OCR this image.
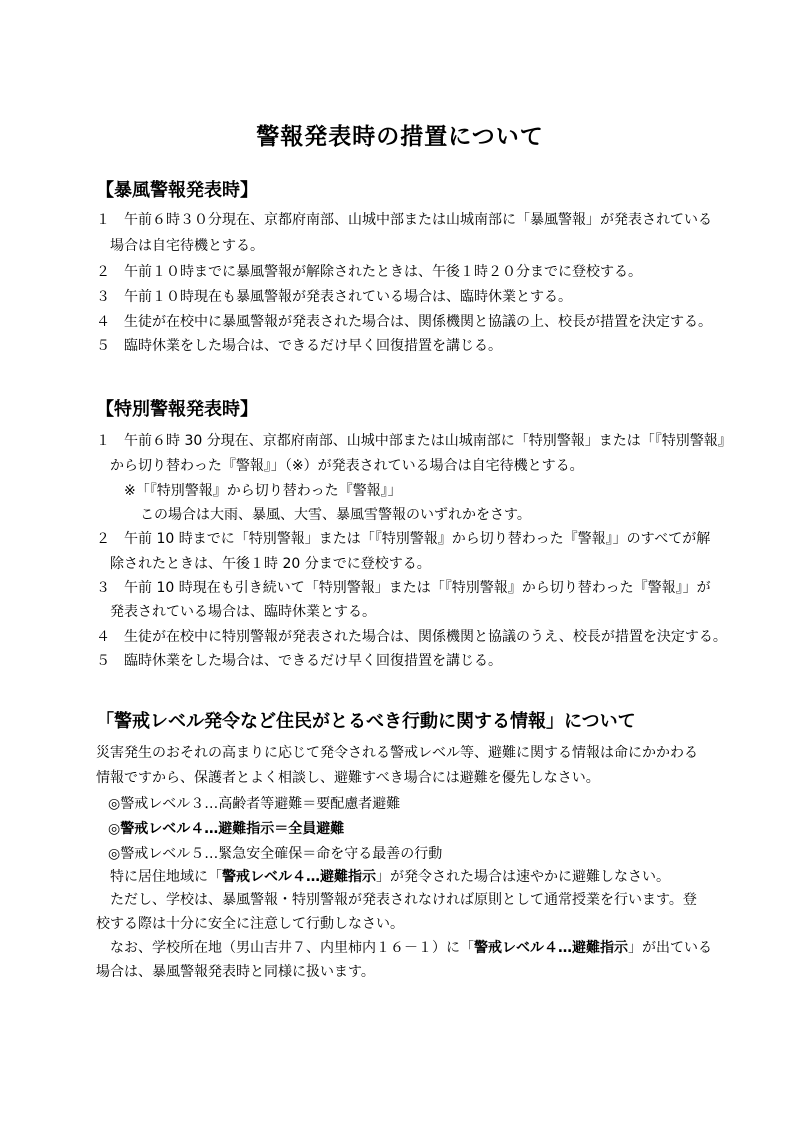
警報発表時の措置について
【暴風警報発表時】
１　午前６時３０分現在、京都府南部、山城中部または山城南部に「暴風警報」が発表されている
場合は自宅待機とする。
２　午前１０時までに暴風警報が解除されたときは、午後１時２０分までに登校する。
３　午前１０時現在も暴風警報が発表されている場合は、臨時休業とする。
４　生徒が在校中に暴風警報が発表された場合は、関係機関と協議の上、校長が措置を決定する。
５　臨時休業をした場合は、できるだけ早く回復措置を講じる。
【特別警報発表時】
１　午前６時 30 分現在、京都府南部、山城中部または山城南部に「特別警報」または「『特別警報』
から切り替わった『警報』」（※）が発表されている場合は自宅待機とする。
※「『特別警報』から切り替わった『警報』」
この場合は大雨、暴風、大雪、暴風雪警報のいずれかをさす。
２　午前 10 時までに「特別警報」または「『特別警報』から切り替わった『警報』」のすべてが解
除されたときは、午後１時 20 分までに登校する。
３　午前 10 時現在も引き続いて「特別警報」または「『特別警報』から切り替わった『警報』」が
発表されている場合は、臨時休業とする。
４　生徒が在校中に特別警報が発表された場合は、関係機関と協議のうえ、校長が措置を決定する。
５　臨時休業をした場合は、できるだけ早く回復措置を講じる。
「警戒レベル発令など住民がとるべき行動に関する情報」について
災害発生のおそれの高まりに応じて発令される警戒レベル等、避難に関する情報は命にかかわる
情報ですから、保護者とよく相談し、避難すべき場合には避難を優先しなさい。
◎警戒レベル３…高齢者等避難＝要配慮者避難
◎警戒レベル４…避難指示＝全員避難
◎警戒レベル５…緊急安全確保＝命を守る最善の行動
特に居住地域に「警戒レベル４…避難指示」が発令された場合は速やかに避難しなさい。
ただし、学校は、暴風警報・特別警報が発表されなければ原則として通常授業を行います。登
校する際は十分に安全に注意して行動しなさい。
なお、学校所在地（男山吉井７、内里柿内１６－１）に「警戒レベル４…避難指示」が出ている
場合は、暴風警報発表時と同様に扱います。
